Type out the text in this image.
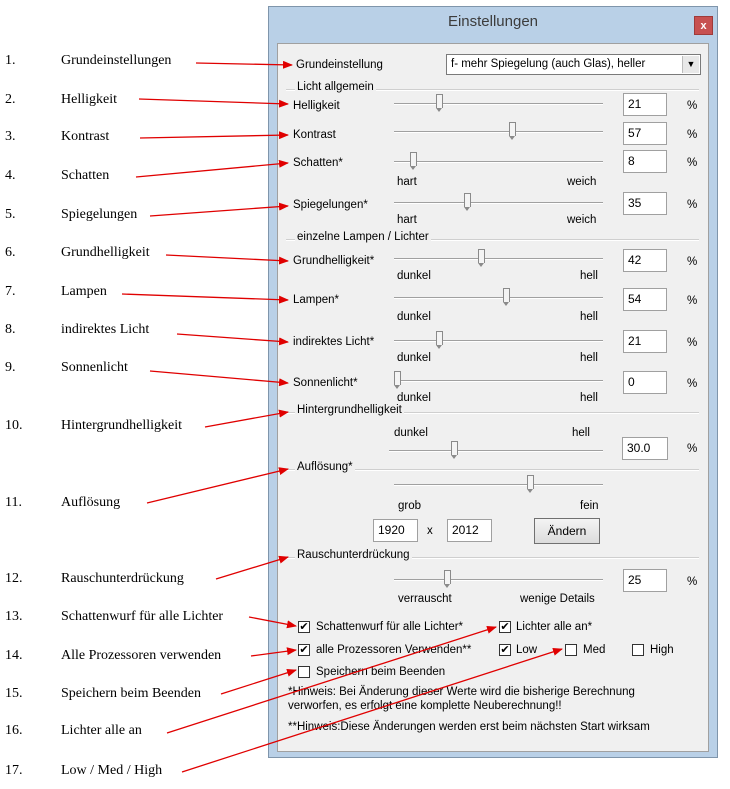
1.	Grundeinstellungen
2.	Helligkeit
3.	Kontrast
4.	Schatten
5.	Spiegelungen
6.	Grundhelligkeit
7.	Lampen
8.	indirektes Licht
9.	Sonnenlicht
10.	Hintergrundhelligkeit
11.	Auflösung
12.	Rauschunterdrückung
13.	Schattenwurf für alle Lichter
14.	Alle Prozessoren verwenden
15.	Speichern beim Beenden
16.	Lichter alle an
17.	Low / Med / High
Einstellungen	x
Grundeinstellung	f- mehr Spiegelung (auch Glas), heller	▼
Licht allgemein
einzelne Lampen / Lichter
Hintergrundhelligkeit
Auflösung*
Rauschunterdrückung
Helligkeit	21	%
Kontrast	57	%
Schatten*	8	%
hart	weich
Spiegelungen*	35	%
hart	weich
Grundhelligkeit*	42	%
dunkel	hell
Lampen*	54	%
dunkel	hell
indirektes Licht*	21	%
dunkel	hell
Sonnenlicht*	0	%
dunkel	hell
dunkel	hell
30.0	%
grob	fein
1920	x	2012	Ändern
25	%
verrauscht	wenige Details
✔ Schattenwurf für alle Lichter*	✔ Lichter alle an*
✔ alle Prozessoren Verwenden**	✔ Low	Med	High
Speichern beim Beenden
*Hinweis: Bei Änderung dieser Werte wird die bisherige Berechnung
verworfen, es erfolgt eine komplette Neuberechnung!!
**Hinweis:Diese Änderungen werden erst beim nächsten Start wirksam
